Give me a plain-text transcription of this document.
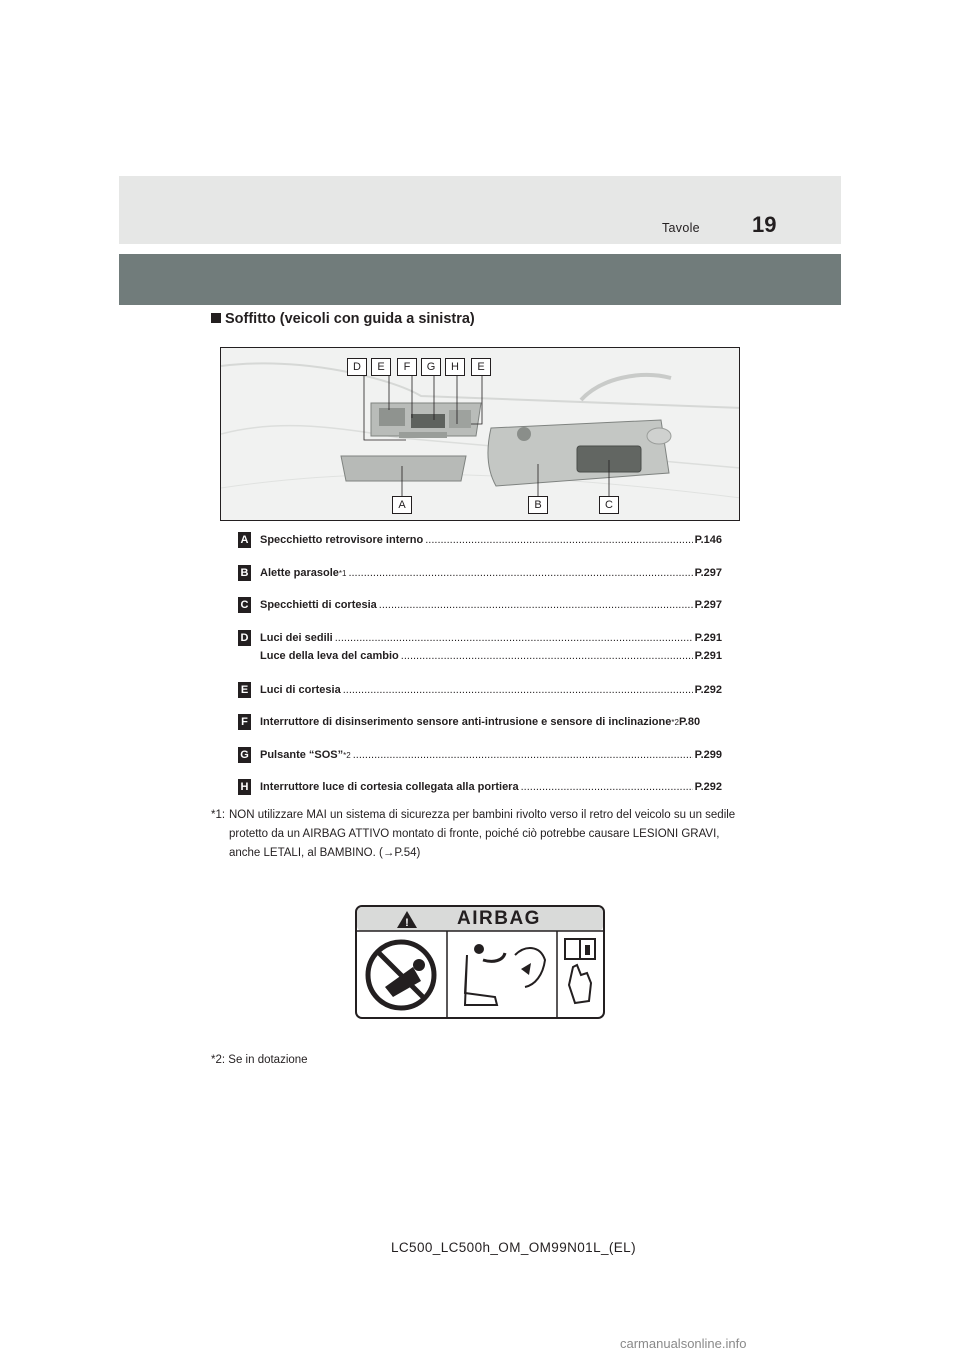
Tavole 19
Soffitto (veicoli con guida a sinistra)
D	E	F	G	H	E
A	B	C
A Specchietto retrovisore interno .....	P.146
B Alette parasole *1 .....	P.297
C Specchietti di cortesia .....	P.297
D Luci dei sedili .....	P.291
Luce della leva del cambio .....	P.291
E Luci di cortesia .....	P.292
F Interruttore di disinserimento sensore anti-intrusione e sensore di inclinazione *2 P.80
G Pulsante “SOS” *2 .....	P.299
H Interruttore luce di cortesia collegata alla portiera .....	P.292
*1: NON utilizzare MAI un sistema di sicurezza per bambini rivolto verso il retro del veicolo su un sedile protetto da un AIRBAG ATTIVO montato di fronte, poiché ciò potrebbe causare LESIONI GRAVI, anche LETALI, al BAMBINO. (→P.54)
!	AIRBAG
*2: Se in dotazione
LC500_LC500h_OM_OM99N01L_(EL)
carmanualsonline.info
